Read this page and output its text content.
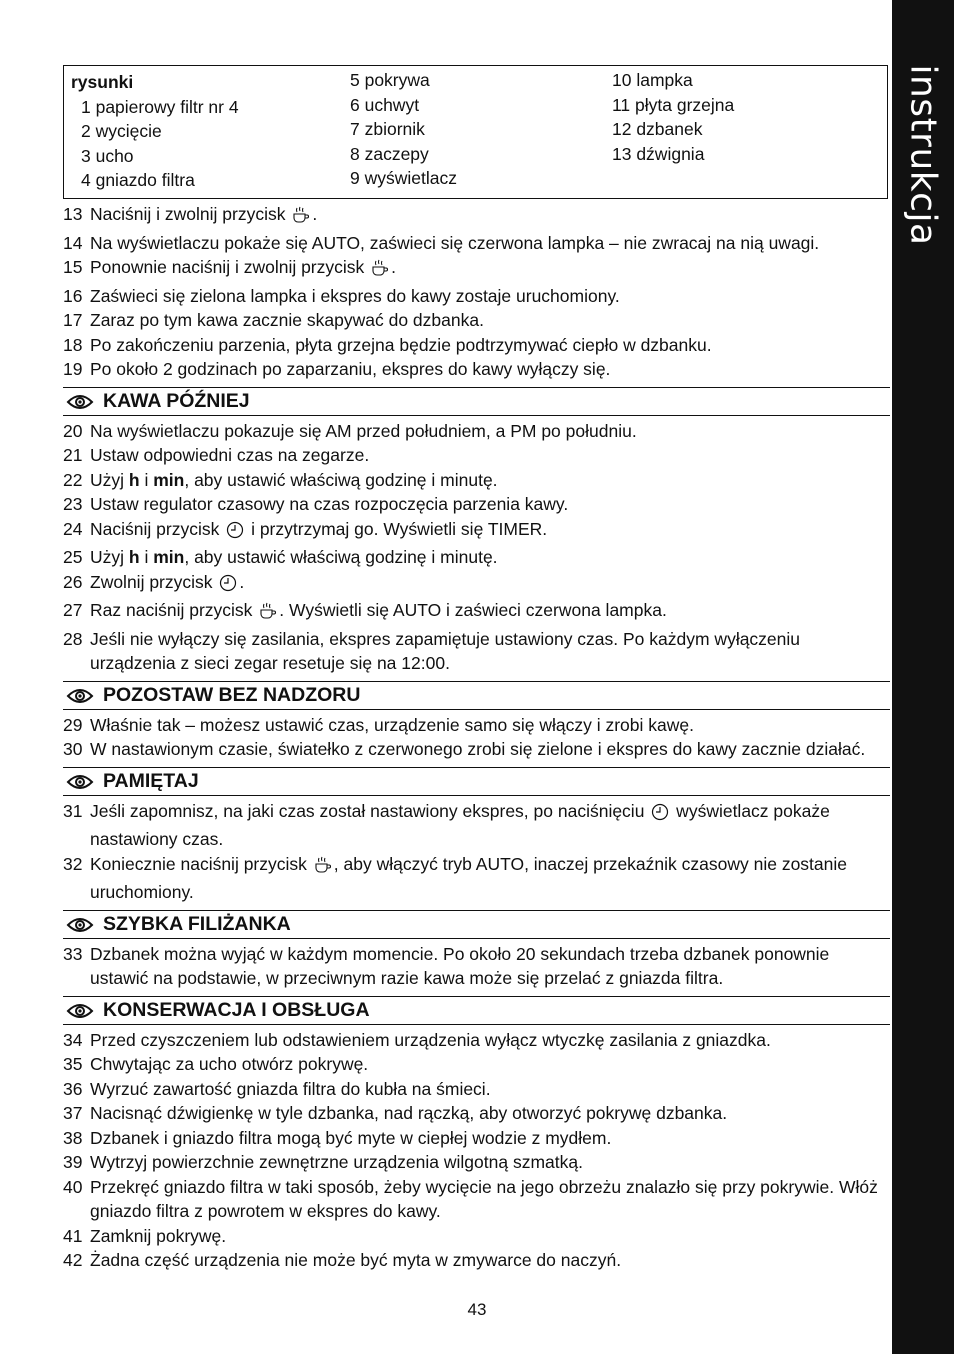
instrukcja
rysunki
1 papierowy filtr nr 4
2 wycięcie
3 ucho
4 gniazdo filtra
5 pokrywa
6 uchwyt
7 zbiornik
8 zaczepy
9 wyświetlacz
10 lampka
11 płyta grzejna
12 dzbanek
13 dźwignia
13 Naciśnij i zwolnij przycisk .
14 Na wyświetlaczu pokaże się AUTO, zaświeci się czerwona lampka – nie zwracaj na nią uwagi.
15 Ponownie naciśnij i zwolnij przycisk .
16 Zaświeci się zielona lampka i ekspres do kawy zostaje uruchomiony.
17 Zaraz po tym kawa zacznie skapywać do dzbanka.
18 Po zakończeniu parzenia, płyta grzejna będzie podtrzymywać ciepło w dzbanku.
19 Po około 2 godzinach po zaparzaniu, ekspres do kawy wyłączy się.
KAWA PÓŹNIEJ
20 Na wyświetlaczu pokazuje się AM przed południem, a PM po południu.
21 Ustaw odpowiedni czas na zegarze.
22 Użyj h i min, aby ustawić właściwą godzinę i minutę.
23 Ustaw regulator czasowy na czas rozpoczęcia parzenia kawy.
24 Naciśnij przycisk  i przytrzymaj go. Wyświetli się TIMER.
25 Użyj h i min, aby ustawić właściwą godzinę i minutę.
26 Zwolnij przycisk .
27 Raz naciśnij przycisk . Wyświetli się AUTO i zaświeci czerwona lampka.
28 Jeśli nie wyłączy się zasilania, ekspres zapamiętuje ustawiony czas. Po każdym wyłączeniu urządzenia z sieci zegar resetuje się na 12:00.
POZOSTAW BEZ NADZORU
29 Właśnie tak – możesz ustawić czas, urządzenie samo się włączy i zrobi kawę.
30 W nastawionym czasie, światełko z czerwonego zrobi się zielone i ekspres do kawy zacznie działać.
PAMIĘTAJ
31 Jeśli zapomnisz, na jaki czas został nastawiony ekspres, po naciśnięciu  wyświetlacz pokaże nastawiony czas.
32 Koniecznie naciśnij przycisk , aby włączyć tryb AUTO, inaczej przekaźnik czasowy nie zostanie uruchomiony.
SZYBKA FILIŻANKA
33 Dzbanek można wyjąć w każdym momencie. Po około 20 sekundach trzeba dzbanek ponownie ustawić na podstawie, w przeciwnym razie kawa może się przelać z gniazda filtra.
KONSERWACJA I OBSŁUGA
34 Przed czyszczeniem lub odstawieniem urządzenia wyłącz wtyczkę zasilania z gniazdka.
35 Chwytając za ucho otwórz pokrywę.
36 Wyrzuć zawartość gniazda filtra do kubła na śmieci.
37 Nacisnąć dźwigienkę w tyle dzbanka, nad rączką, aby otworzyć pokrywę dzbanka.
38 Dzbanek i gniazdo filtra mogą być myte w ciepłej wodzie z mydłem.
39 Wytrzyj powierzchnie zewnętrzne urządzenia wilgotną szmatką.
40 Przekręć gniazdo filtra w taki sposób, żeby wycięcie na jego obrzeżu znalazło się przy pokrywie. Włóż gniazdo filtra z powrotem w ekspres do kawy.
41 Zamknij pokrywę.
42 Żadna część urządzenia nie może być myta w zmywarce do naczyń.
43
